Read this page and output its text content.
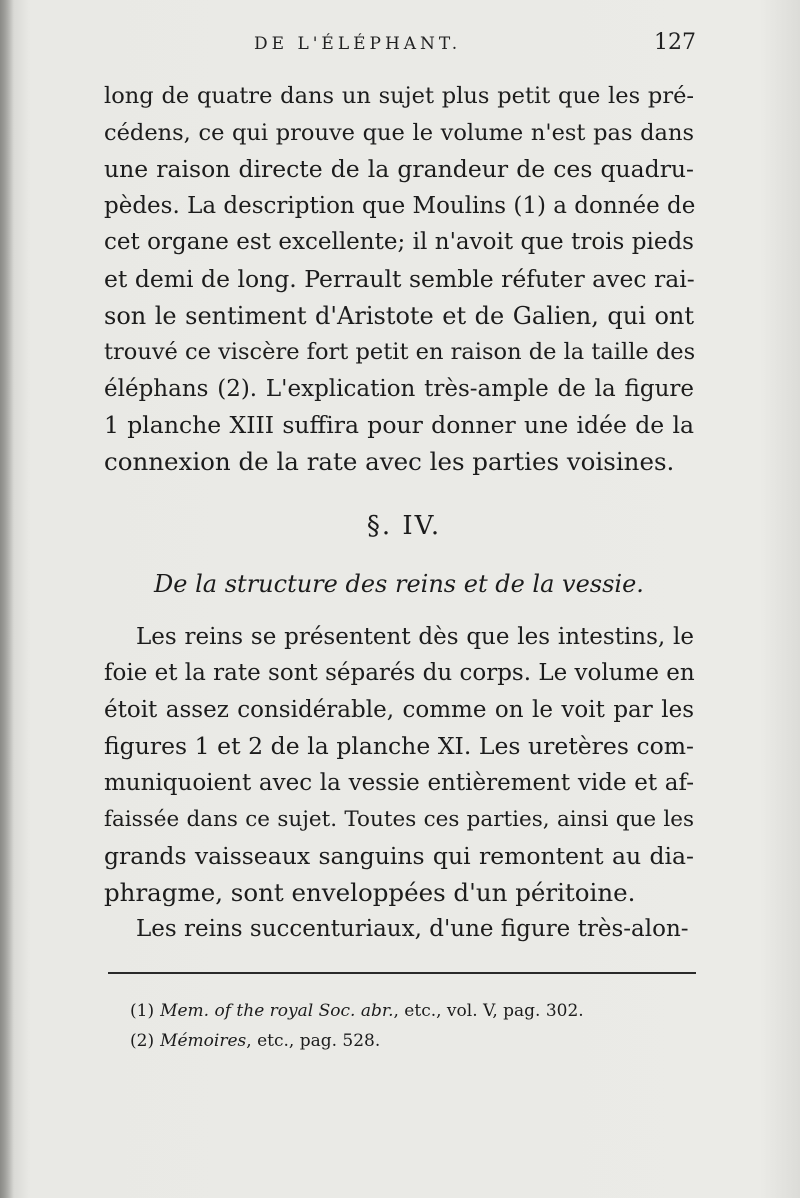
DE L'ÉLÉPHANT.	127
long de quatre dans un sujet plus petit que les pré-
cédens, ce qui prouve que le volume n'est pas dans
une raison directe de la grandeur de ces quadru-
pèdes. La description que Moulins (1) a donnée de
cet organe est excellente; il n'avoit que trois pieds
et demi de long. Perrault semble réfuter avec rai-
son le sentiment d'Aristote et de Galien, qui ont
trouvé ce viscère fort petit en raison de la taille des
éléphans (2). L'explication très-ample de la figure
1 planche XIII suffira pour donner une idée de la
connexion de la rate avec les parties voisines.
§. IV.
De la structure des reins et de la vessie.
Les reins se présentent dès que les intestins, le
foie et la rate sont séparés du corps. Le volume en
étoit assez considérable, comme on le voit par les
figures 1 et 2 de la planche XI. Les uretères com-
muniquoient avec la vessie entièrement vide et af-
faissée dans ce sujet. Toutes ces parties, ainsi que les
grands vaisseaux sanguins qui remontent au dia-
phragme, sont enveloppées d'un péritoine.
Les reins succenturiaux, d'une figure très-alon-
(1) Mem. of the royal Soc. abr., etc., vol. V, pag. 302.
(2) Mémoires, etc., pag. 528.
